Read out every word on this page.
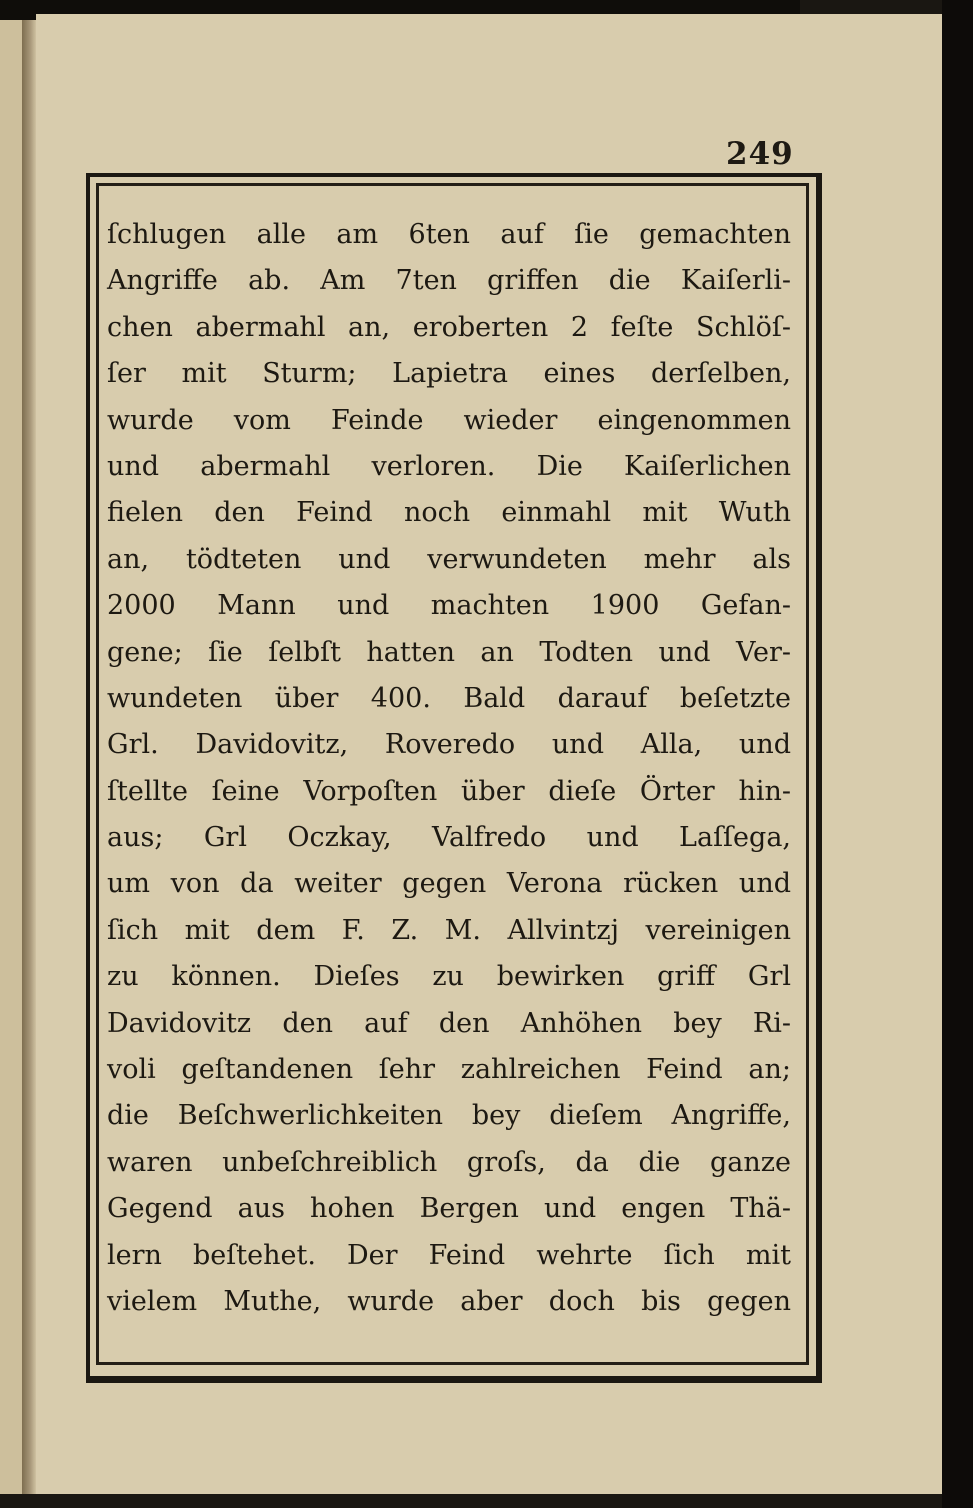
249
ſchlugen alle am 6ten auf ſie gemachten
Angriffe ab. Am 7ten griffen die Kaiſerli-
chen abermahl an, eroberten 2 feſte Schlöſ-
ſer mit Sturm; Lapietra eines derſelben,
wurde vom Feinde wieder eingenommen
und abermahl verloren. Die Kaiſerlichen
fielen den Feind noch einmahl mit Wuth
an, tödteten und verwundeten mehr als
2000 Mann und machten 1900 Gefan-
gene; ſie ſelbſt hatten an Todten und Ver-
wundeten über 400. Bald darauf beſetzte
Grl. Davidovitz, Roveredo und Alla, und
ſtellte ſeine Vorpoſten über dieſe Örter hin-
aus; Grl Oczkay, Valfredo und Laſſega,
um von da weiter gegen Verona rücken und
ſich mit dem F. Z. M. Allvintzj vereinigen
zu können. Dieſes zu bewirken griff Grl
Davidovitz den auf den Anhöhen bey Ri-
voli geſtandenen ſehr zahlreichen Feind an;
die Beſchwerlichkeiten bey dieſem Angriffe,
waren unbeſchreiblich groſs, da die ganze
Gegend aus hohen Bergen und engen Thä-
lern beſtehet. Der Feind wehrte ſich mit
vielem Muthe, wurde aber doch bis gegen
